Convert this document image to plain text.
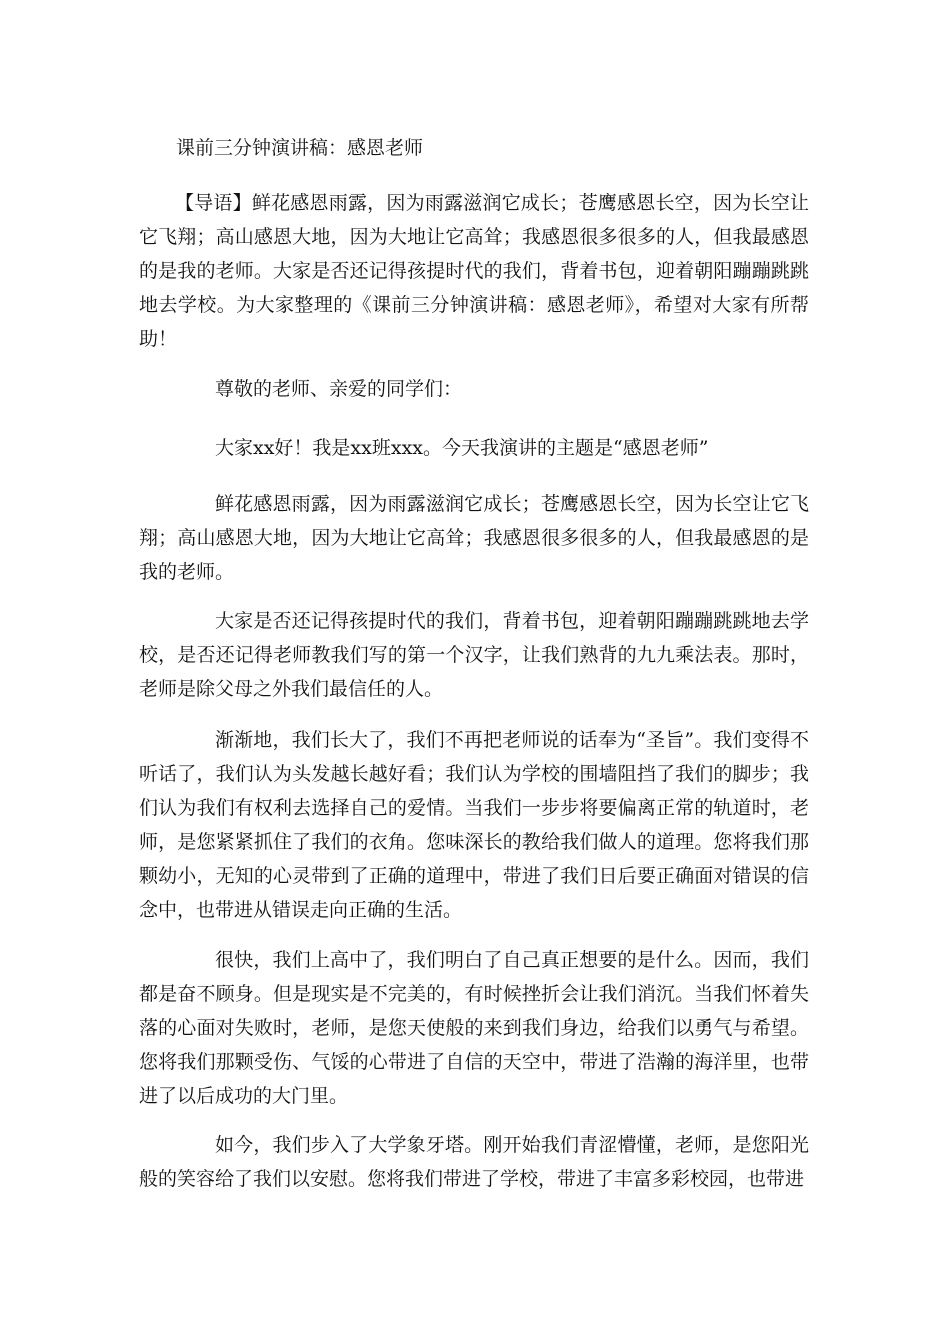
课前三分钟演讲稿：感恩老师

【导语】鲜花感恩雨露，因为雨露滋润它成长；苍鹰感恩长空，因为长空让它飞翔；高山感恩大地，因为大地让它高耸；我感恩很多很多的人，但我最感恩的是我的老师。大家是否还记得孩提时代的我们，背着书包，迎着朝阳蹦蹦跳跳地去学校。为大家整理的《课前三分钟演讲稿：感恩老师》，希望对大家有所帮助！

尊敬的老师、亲爱的同学们：

大家xx好！我是xx班xxx。今天我演讲的主题是“感恩老师”

鲜花感恩雨露，因为雨露滋润它成长；苍鹰感恩长空，因为长空让它飞翔；高山感恩大地，因为大地让它高耸；我感恩很多很多的人，但我最感恩的是我的老师。

大家是否还记得孩提时代的我们，背着书包，迎着朝阳蹦蹦跳跳地去学校，是否还记得老师教我们写的第一个汉字，让我们熟背的九九乘法表。那时，老师是除父母之外我们最信任的人。

渐渐地，我们长大了，我们不再把老师说的话奉为“圣旨”。我们变得不听话了，我们认为头发越长越好看；我们认为学校的围墙阻挡了我们的脚步；我们认为我们有权利去选择自己的爱情。当我们一步步将要偏离正常的轨道时，老师，是您紧紧抓住了我们的衣角。您味深长的教给我们做人的道理。您将我们那颗幼小，无知的心灵带到了正确的道理中，带进了我们日后要正确面对错误的信念中，也带进从错误走向正确的生活。

很快，我们上高中了，我们明白了自己真正想要的是什么。因而，我们都是奋不顾身。但是现实是不完美的，有时候挫折会让我们消沉。当我们怀着失落的心面对失败时，老师，是您天使般的来到我们身边，给我们以勇气与希望。您将我们那颗受伤、气馁的心带进了自信的天空中，带进了浩瀚的海洋里，也带进了以后成功的大门里。

如今，我们步入了大学象牙塔。刚开始我们青涩懵懂，老师，是您阳光般的笑容给了我们以安慰。您将我们带进了学校，带进了丰富多彩校园，也带进
